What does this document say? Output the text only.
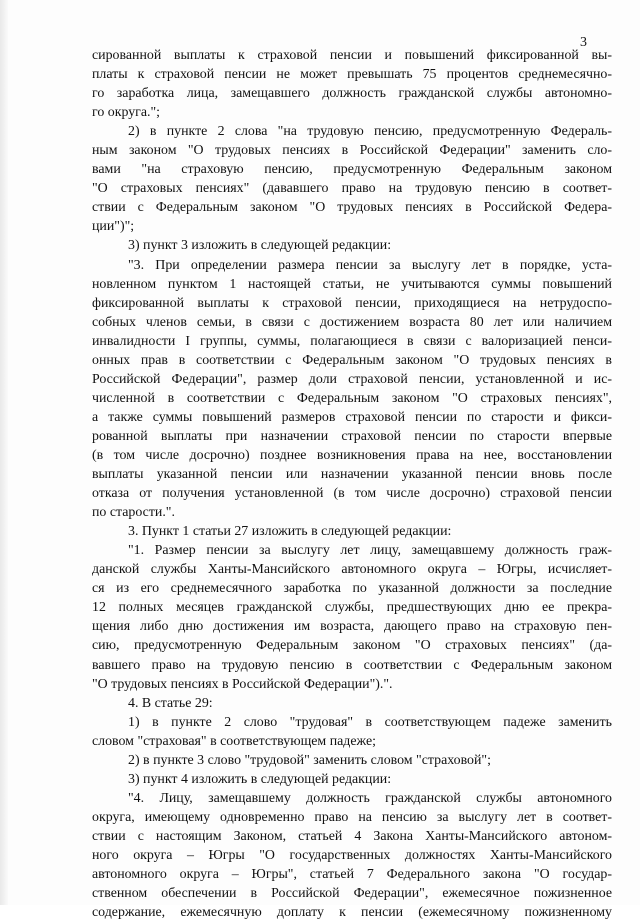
3
сированной выплаты к страховой пенсии и повышений фиксированной вы-
платы к страховой пенсии не может превышать 75 процентов среднемесячно-
го заработка лица, замещавшего должность гражданской службы автономно-
го округа.";
2) в пункте 2 слова "на трудовую пенсию, предусмотренную Федераль-
ным законом "О трудовых пенсиях в Российской Федерации" заменить сло-
вами "на страховую пенсию, предусмотренную Федеральным законом
"О страховых пенсиях" (дававшего право на трудовую пенсию в соответ-
ствии с Федеральным законом "О трудовых пенсиях в Российской Федера-
ции")";
3) пункт 3 изложить в следующей редакции:
"3. При определении размера пенсии за выслугу лет в порядке, уста-
новленном пунктом 1 настоящей статьи, не учитываются суммы повышений
фиксированной выплаты к страховой пенсии, приходящиеся на нетрудоспо-
собных членов семьи, в связи с достижением возраста 80 лет или наличием
инвалидности I группы, суммы, полагающиеся в связи с валоризацией пенси-
онных прав в соответствии с Федеральным законом "О трудовых пенсиях в
Российской Федерации", размер доли страховой пенсии, установленной и ис-
численной в соответствии с Федеральным законом "О страховых пенсиях",
а также суммы повышений размеров страховой пенсии по старости и фикси-
рованной выплаты при назначении страховой пенсии по старости впервые
(в том числе досрочно) позднее возникновения права на нее, восстановлении
выплаты указанной пенсии или назначении указанной пенсии вновь после
отказа от получения установленной (в том числе досрочно) страховой пенсии
по старости.".
3. Пункт 1 статьи 27 изложить в следующей редакции:
"1. Размер пенсии за выслугу лет лицу, замещавшему должность граж-
данской службы Ханты-Мансийского автономного округа – Югры, исчисляет-
ся из его среднемесячного заработка по указанной должности за последние
12 полных месяцев гражданской службы, предшествующих дню ее прекра-
щения либо дню достижения им возраста, дающего право на страховую пен-
сию, предусмотренную Федеральным законом "О страховых пенсиях" (да-
вавшего право на трудовую пенсию в соответствии с Федеральным законом
"О трудовых пенсиях в Российской Федерации").".
4. В статье 29:
1) в пункте 2 слово "трудовая" в соответствующем падеже заменить
словом "страховая" в соответствующем падеже;
2) в пункте 3 слово "трудовой" заменить словом "страховой";
3) пункт 4 изложить в следующей редакции:
"4. Лицу, замещавшему должность гражданской службы автономного
округа, имеющему одновременно право на пенсию за выслугу лет в соответ-
ствии с настоящим Законом, статьей 4 Закона Ханты-Мансийского автоном-
ного округа – Югры "О государственных должностях Ханты-Мансийского
автономного округа – Югры", статьей 7 Федерального закона "О государ-
ственном обеспечении в Российской Федерации", ежемесячное пожизненное
содержание, ежемесячную доплату к пенсии (ежемесячному пожизненному
